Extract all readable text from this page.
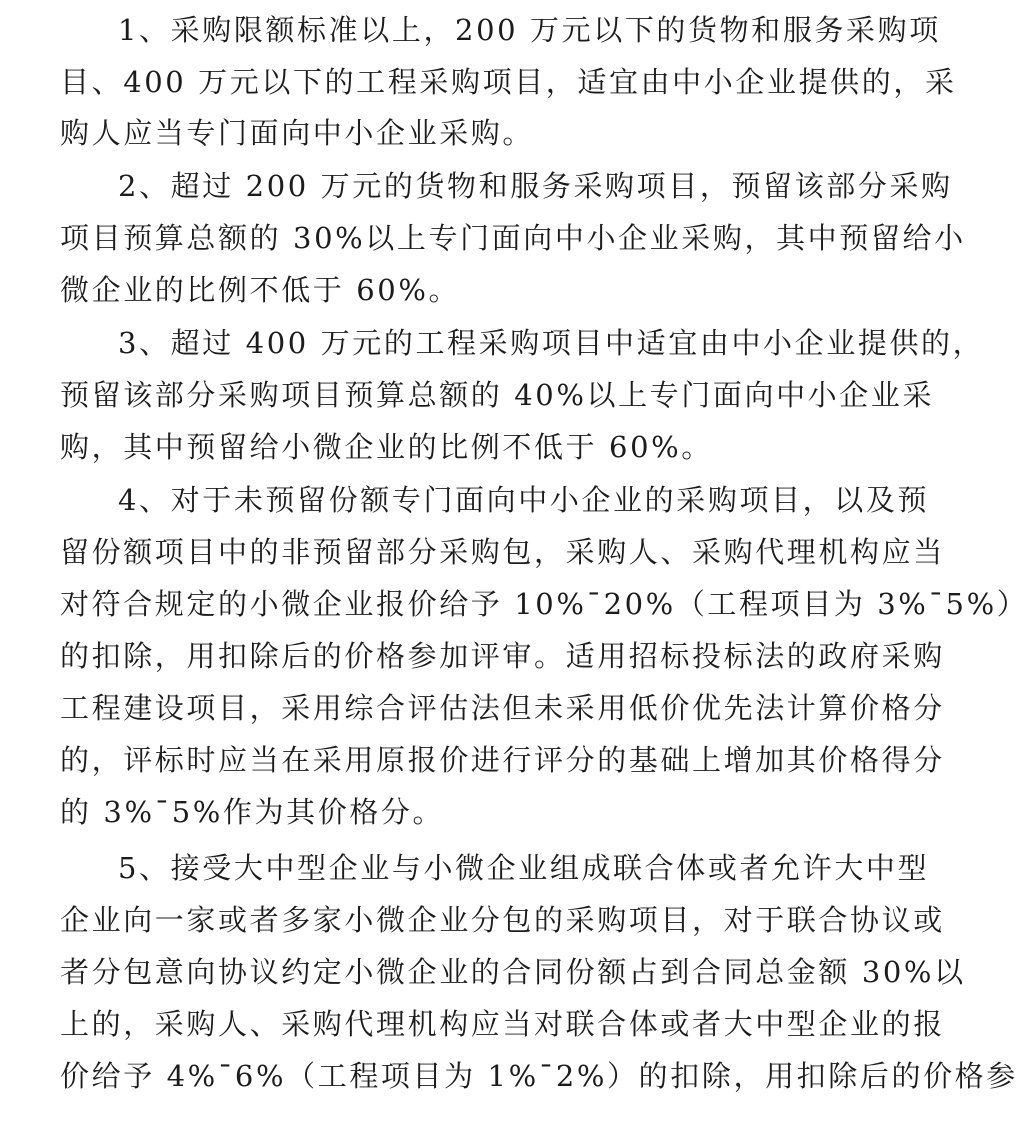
1、采购限额标准以上，200 万元以下的货物和服务采购项
目、400 万元以下的工程采购项目，适宜由中小企业提供的，采
购人应当专门面向中小企业采购。
2、超过 200 万元的货物和服务采购项目，预留该部分采购
项目预算总额的 30%以上专门面向中小企业采购，其中预留给小
微企业的比例不低于 60%。
3、超过 400 万元的工程采购项目中适宜由中小企业提供的，
预留该部分采购项目预算总额的 40%以上专门面向中小企业采
购，其中预留给小微企业的比例不低于 60%。
4、对于未预留份额专门面向中小企业的采购项目，以及预
留份额项目中的非预留部分采购包，采购人、采购代理机构应当
对符合规定的小微企业报价给予 10%¯20%（工程项目为 3%¯5%）
的扣除，用扣除后的价格参加评审。适用招标投标法的政府采购
工程建设项目，采用综合评估法但未采用低价优先法计算价格分
的，评标时应当在采用原报价进行评分的基础上增加其价格得分
的 3%¯5%作为其价格分。
5、接受大中型企业与小微企业组成联合体或者允许大中型
企业向一家或者多家小微企业分包的采购项目，对于联合协议或
者分包意向协议约定小微企业的合同份额占到合同总金额 30%以
上的，采购人、采购代理机构应当对联合体或者大中型企业的报
价给予 4%¯6%（工程项目为 1%¯2%）的扣除，用扣除后的价格参
